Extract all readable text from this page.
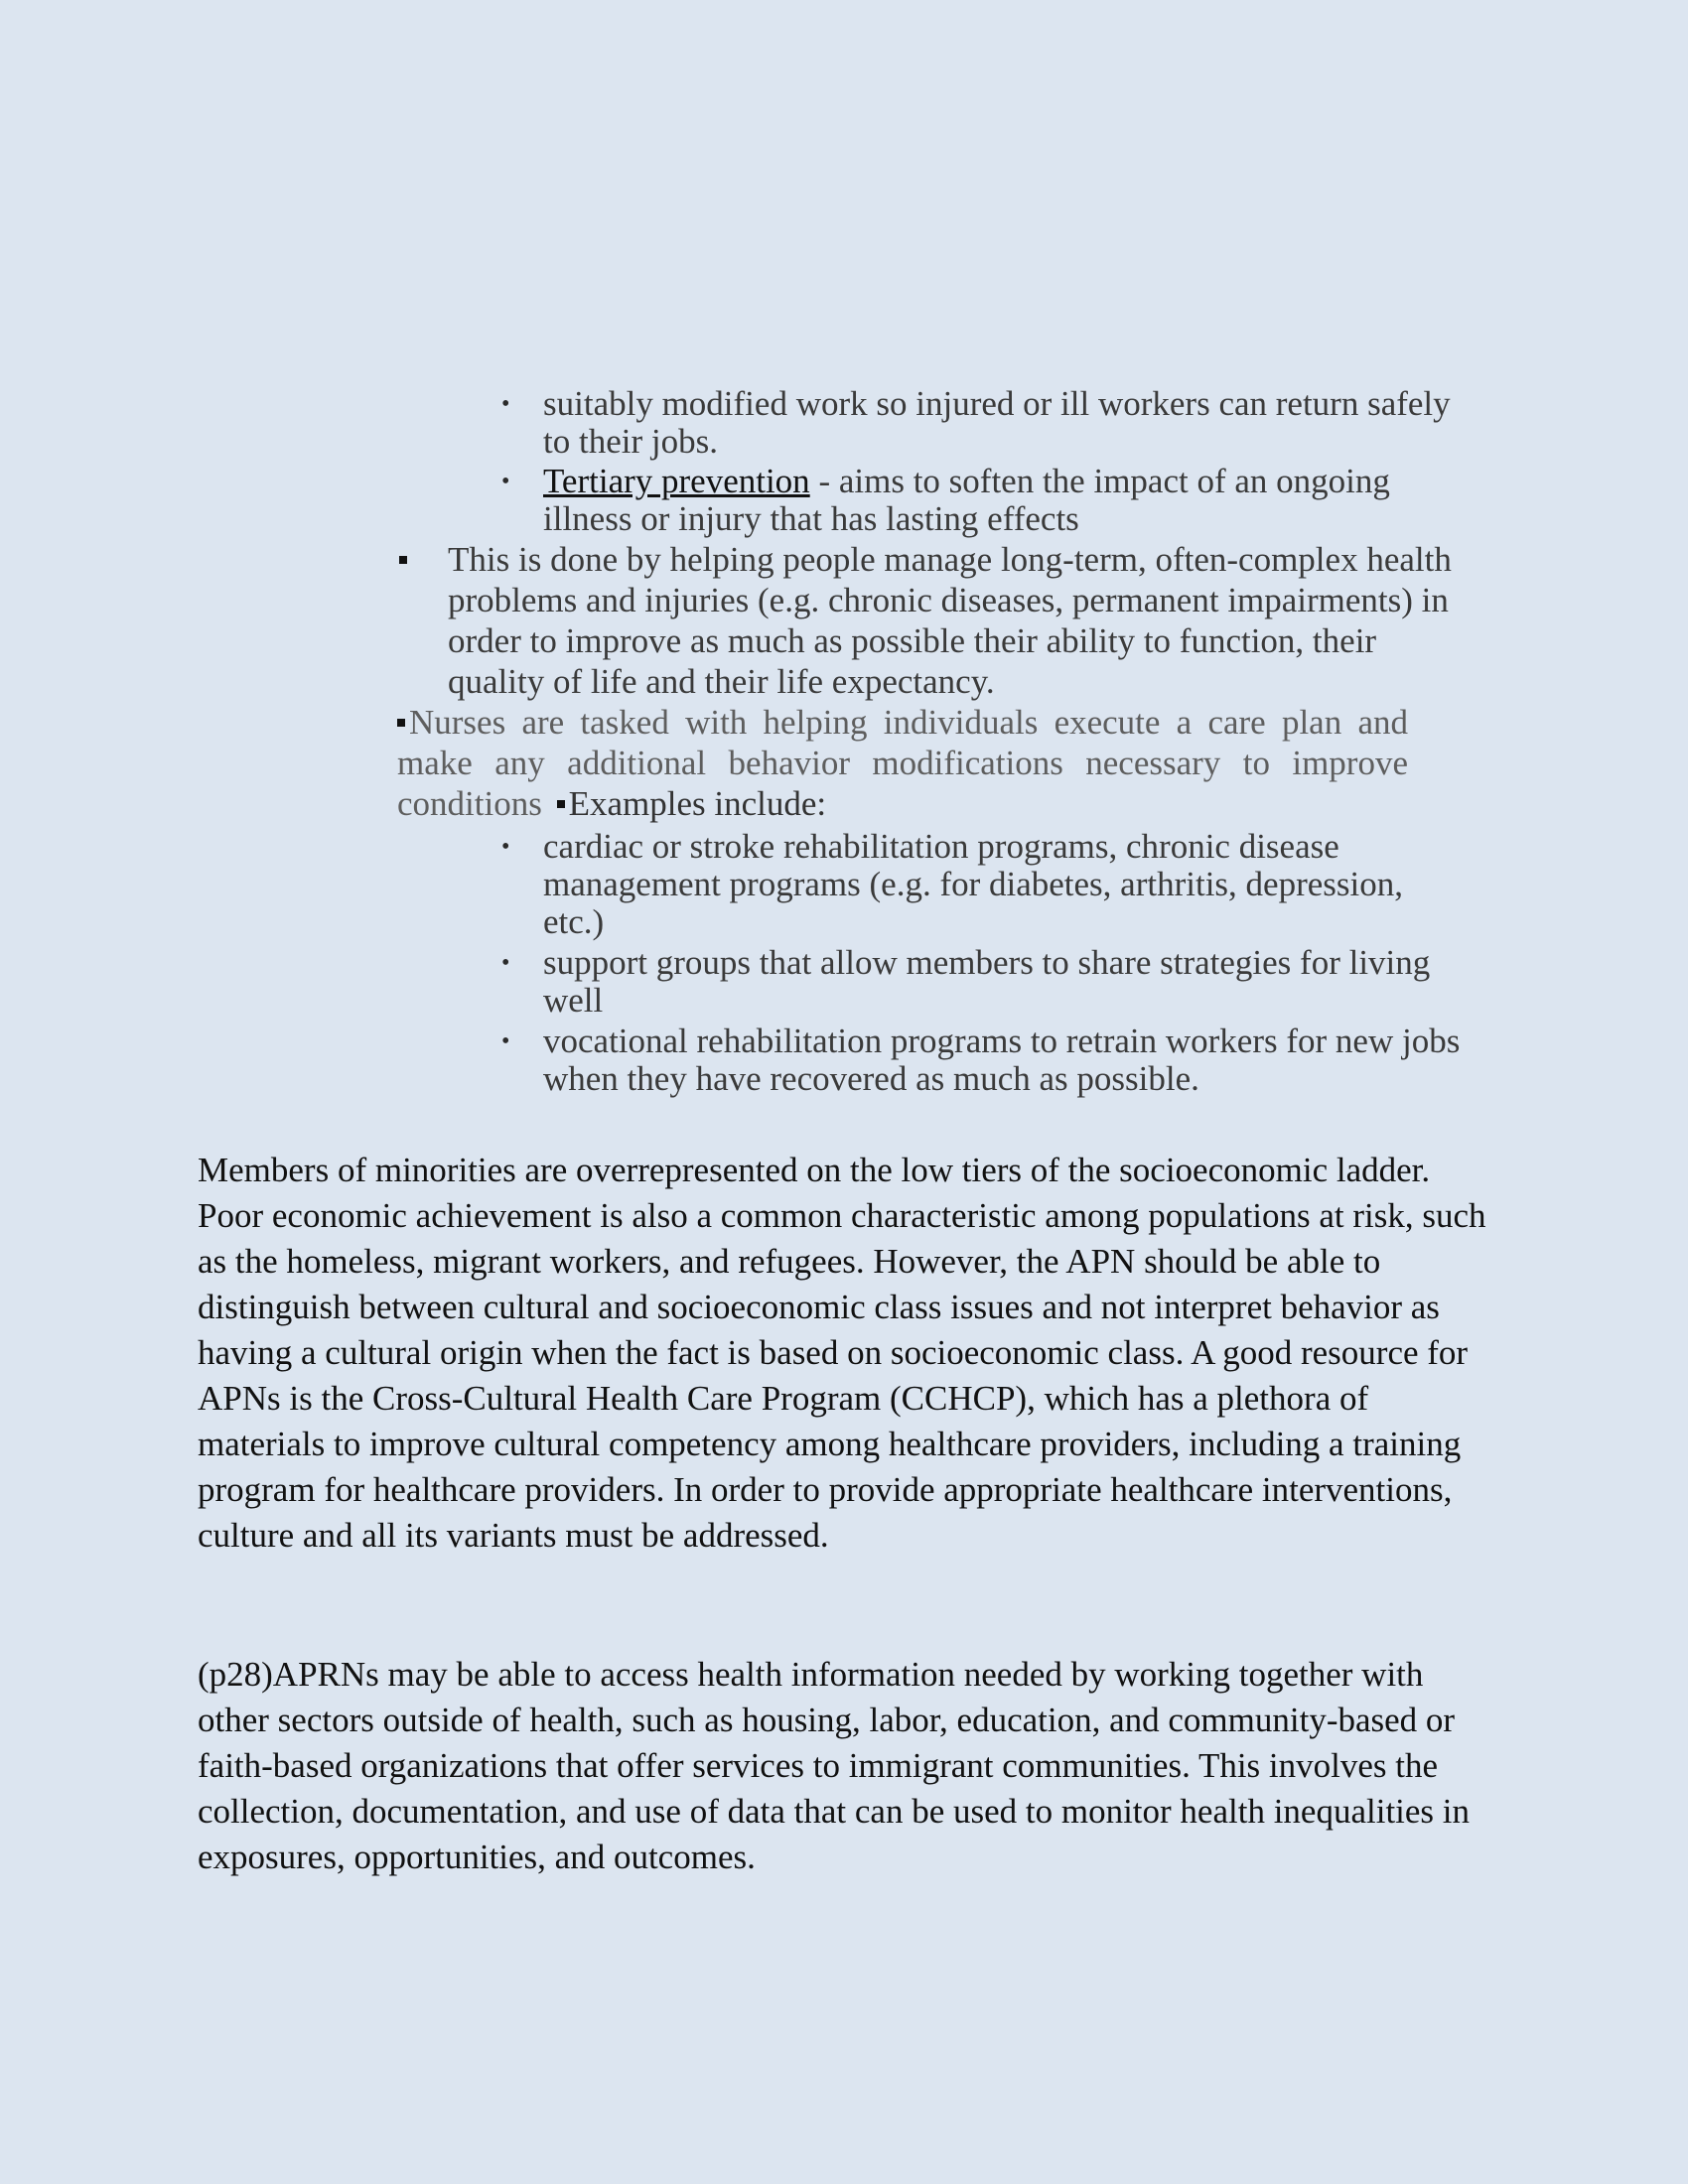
• suitably modified work so injured or ill workers can return safely to their jobs.
• Tertiary prevention - aims to soften the impact of an ongoing illness or injury that has lasting effects
This is done by helping people manage long-term, often-complex health problems and injuries (e.g. chronic diseases, permanent impairments) in order to improve as much as possible their ability to function, their quality of life and their life expectancy.
Nurses are tasked with helping individuals execute a care plan and make any additional behavior modifications necessary to improve conditions Examples include:
• cardiac or stroke rehabilitation programs, chronic disease management programs (e.g. for diabetes, arthritis, depression, etc.)
• support groups that allow members to share strategies for living well
• vocational rehabilitation programs to retrain workers for new jobs when they have recovered as much as possible.
Members of minorities are overrepresented on the low tiers of the socioeconomic ladder. Poor economic achievement is also a common characteristic among populations at risk, such as the homeless, migrant workers, and refugees. However, the APN should be able to distinguish between cultural and socioeconomic class issues and not interpret behavior as having a cultural origin when the fact is based on socioeconomic class. A good resource for APNs is the Cross-Cultural Health Care Program (CCHCP), which has a plethora of materials to improve cultural competency among healthcare providers, including a training program for healthcare providers. In order to provide appropriate healthcare interventions, culture and all its variants must be addressed.
(p28)APRNs may be able to access health information needed by working together with other sectors outside of health, such as housing, labor, education, and community-based or faith-based organizations that offer services to immigrant communities. This involves the collection, documentation, and use of data that can be used to monitor health inequalities in exposures, opportunities, and outcomes.
